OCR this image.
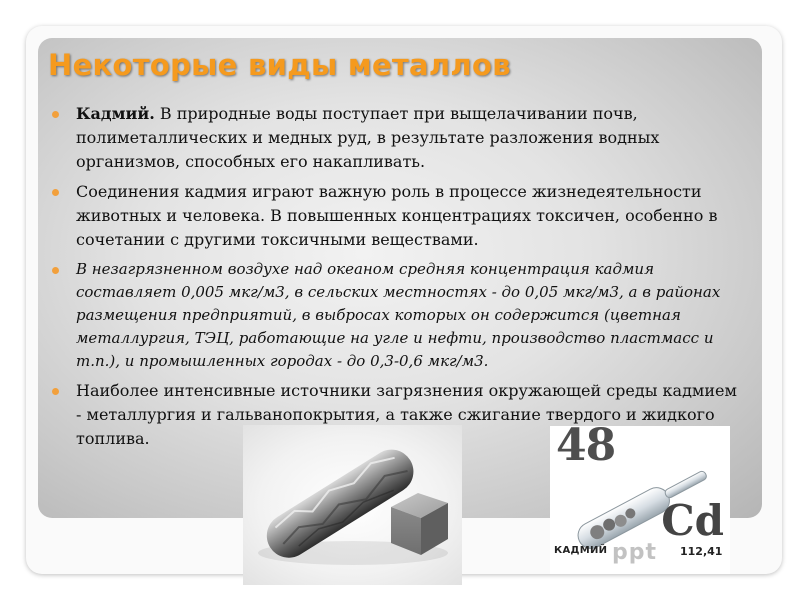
Некоторые виды металлов

Кадмий. В природные воды поступает при выщелачивании почв, полиметаллических и медных руд, в результате разложения водных организмов, способных его накапливать.

Соединения кадмия играют важную роль в процессе жизнедеятельности животных и человека. В повышенных концентрациях токсичен, особенно в сочетании с другими токсичными веществами.

В незагрязненном воздухе над океаном средняя концентрация кадмия составляет 0,005 мкг/м3, в сельских местностях - до 0,05 мкг/м3, а в районах размещения предприятий, в выбросах которых он содержится (цветная металлургия, ТЭЦ, работающие на угле и нефти, производство пластмасс и т.п.), и промышленных городах - до 0,3-0,6 мкг/м3.

Наиболее интенсивные источники загрязнения окружающей среды кадмием - металлургия и гальванопокрытия, а также сжигание твердого и жидкого топлива.	48
Cd
КАДМИЙ	112,41
ppt
